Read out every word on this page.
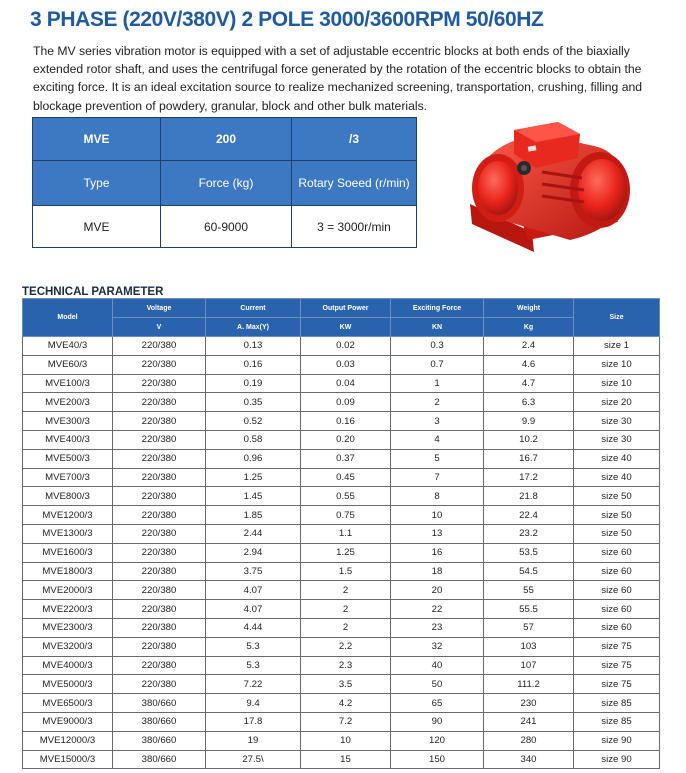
3 PHASE (220V/380V) 2 POLE 3000/3600RPM 50/60HZ
The MV series vibration motor is equipped with a set of adjustable eccentric blocks at both ends of the biaxially extended rotor shaft, and uses the centrifugal force generated by the rotation of the eccentric blocks to obtain the exciting force. It is an ideal excitation source to realize mechanized screening, transportation, crushing, filling and blockage prevention of powdery, granular, block and other bulk materials.
MVE	200	/3
Type	Force (kg)	Rotary Soeed (r/min)
MVE	60-9000	3 = 3000r/min
TECHNICAL PARAMETER
Model	Voltage	Current	Output Power	Exciting Force	Weight	Size
	V	A. Max(Y)	KW	KN	Kg	
MVE40/3	220/380	0.13	0.02	0.3	2.4	size 1
MVE60/3	220/380	0.16	0.03	0.7	4.6	size 10
MVE100/3	220/380	0.19	0.04	1	4.7	size 10
MVE200/3	220/380	0.35	0.09	2	6.3	size 20
MVE300/3	220/380	0.52	0.16	3	9.9	size 30
MVE400/3	220/380	0.58	0.20	4	10.2	size 30
MVE500/3	220/380	0.96	0.37	5	16.7	size 40
MVE700/3	220/380	1.25	0.45	7	17.2	size 40
MVE800/3	220/380	1.45	0.55	8	21.8	size 50
MVE1200/3	220/380	1.85	0.75	10	22.4	size 50
MVE1300/3	220/380	2.44	1.1	13	23.2	size 50
MVE1600/3	220/380	2.94	1.25	16	53.5	size 60
MVE1800/3	220/380	3.75	1.5	18	54.5	size 60
MVE2000/3	220/380	4.07	2	20	55	size 60
MVE2200/3	220/380	4.07	2	22	55.5	size 60
MVE2300/3	220/380	4.44	2	23	57	size 60
MVE3200/3	220/380	5.3	2.2	32	103	size 75
MVE4000/3	220/380	5.3	2.3	40	107	size 75
MVE5000/3	220/380	7.22	3.5	50	111.2	size 75
MVE6500/3	380/660	9.4	4.2	65	230	size 85
MVE9000/3	380/660	17.8	7.2	90	241	size 85
MVE12000/3	380/660	19	10	120	280	size 90
MVE15000/3	380/660	27.5\	15	150	340	size 90
